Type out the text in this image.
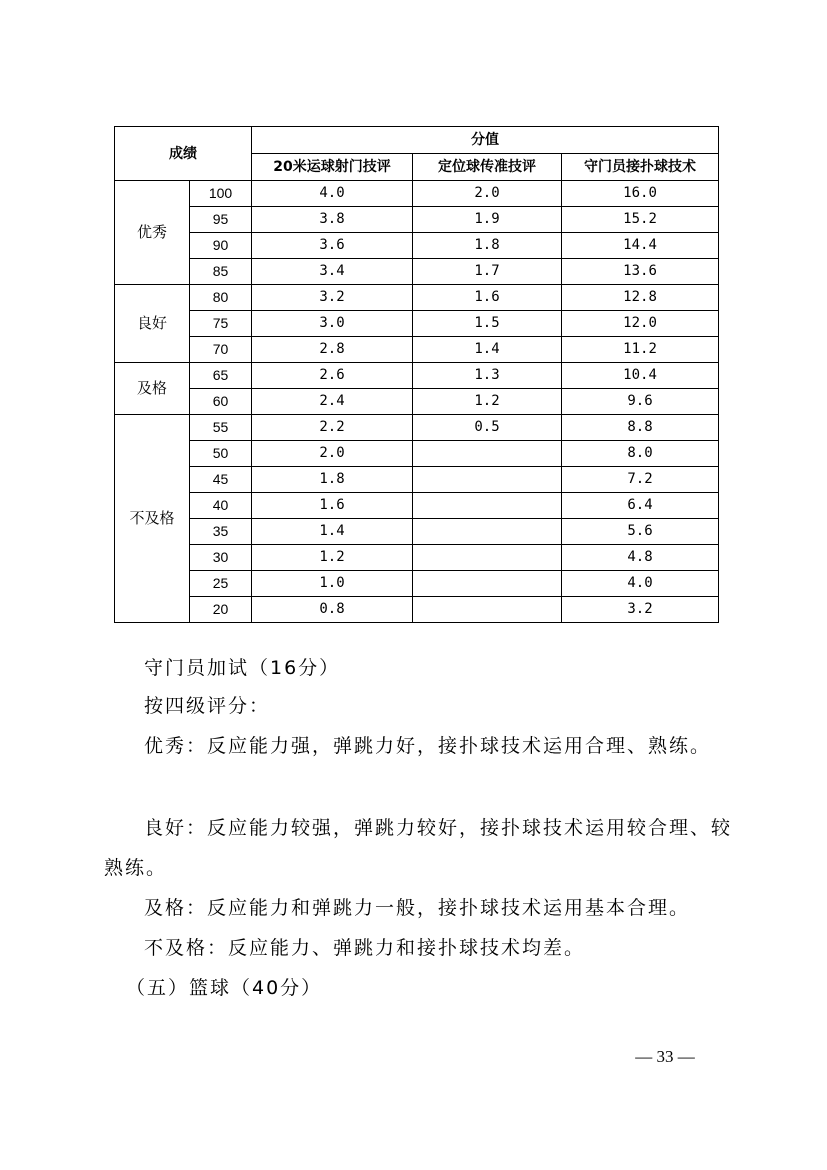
成绩		分值		
		20米运球射门技评	定位球传准技评	守门员接扑球技术
优秀	100	4.0	2.0	16.0
	95	3.8	1.9	15.2
	90	3.6	1.8	14.4
	85	3.4	1.7	13.6
良好	80	3.2	1.6	12.8
	75	3.0	1.5	12.0
	70	2.8	1.4	11.2
及格	65	2.6	1.3	10.4
	60	2.4	1.2	9.6
不及格	55	2.2	0.5	8.8
	50	2.0		8.0
	45	1.8		7.2
	40	1.6		6.4
	35	1.4		5.6
	30	1.2		4.8
	25	1.0		4.0
	20	0.8		3.2
守门员加试（16分）
按四级评分：
优秀：反应能力强，弹跳力好，接扑球技术运用合理、熟练。
良好：反应能力较强，弹跳力较好，接扑球技术运用较合理、较熟练。
及格：反应能力和弹跳力一般，接扑球技术运用基本合理。
不及格：反应能力、弹跳力和接扑球技术均差。
（五）篮球（40分）
— 33 —
